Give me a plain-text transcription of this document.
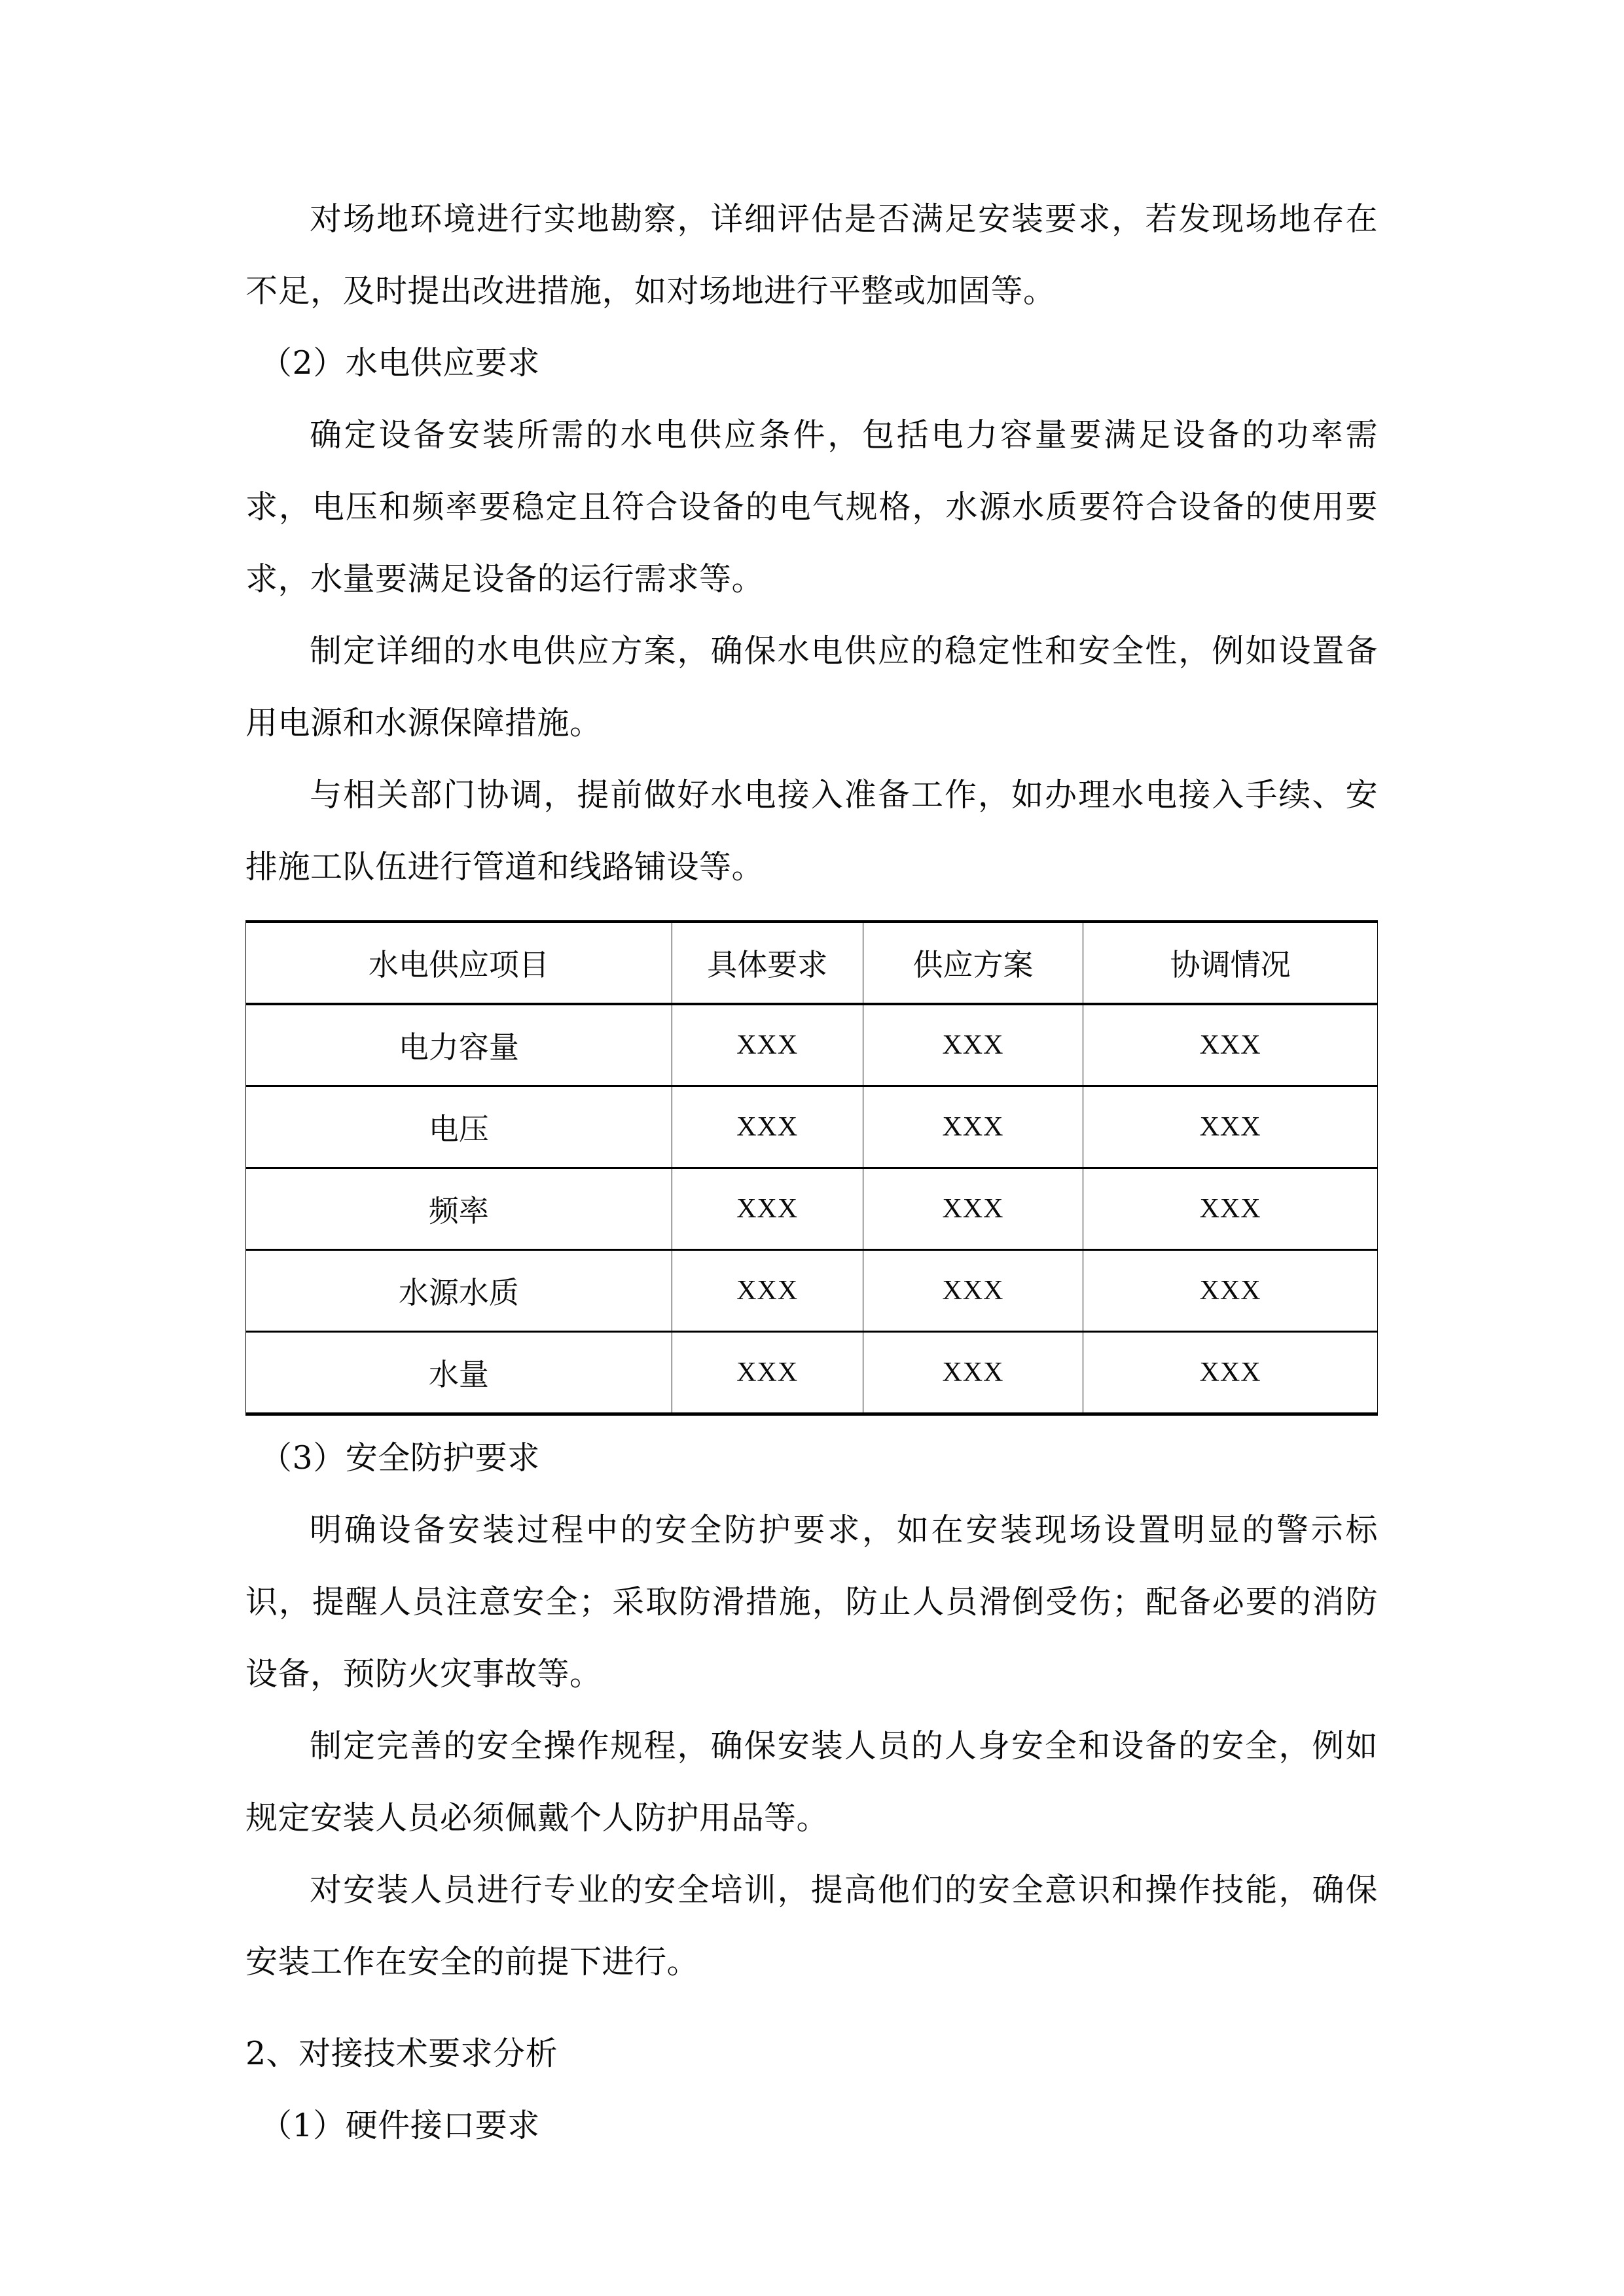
对场地环境进行实地勘察，详细评估是否满足安装要求，若发现场地存在不足，及时提出改进措施，如对场地进行平整或加固等。

（2）水电供应要求

确定设备安装所需的水电供应条件，包括电力容量要满足设备的功率需求，电压和频率要稳定且符合设备的电气规格，水源水质要符合设备的使用要求，水量要满足设备的运行需求等。

制定详细的水电供应方案，确保水电供应的稳定性和安全性，例如设置备用电源和水源保障措施。

与相关部门协调，提前做好水电接入准备工作，如办理水电接入手续、安排施工队伍进行管道和线路铺设等。

水电供应项目	具体要求	供应方案	协调情况
电力容量	XXX	XXX	XXX
电压	XXX	XXX	XXX
频率	XXX	XXX	XXX
水源水质	XXX	XXX	XXX
水量	XXX	XXX	XXX

（3）安全防护要求

明确设备安装过程中的安全防护要求，如在安装现场设置明显的警示标识，提醒人员注意安全；采取防滑措施，防止人员滑倒受伤；配备必要的消防设备，预防火灾事故等。

制定完善的安全操作规程，确保安装人员的人身安全和设备的安全，例如规定安装人员必须佩戴个人防护用品等。

对安装人员进行专业的安全培训，提高他们的安全意识和操作技能，确保安装工作在安全的前提下进行。

2、对接技术要求分析

（1）硬件接口要求
